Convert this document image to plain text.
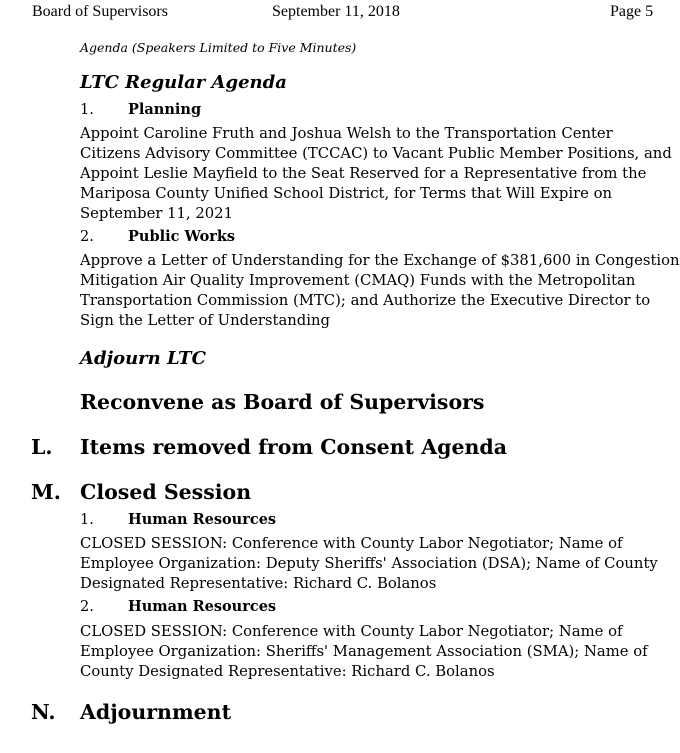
Board of Supervisors	September 11, 2018	Page 5
Agenda (Speakers Limited to Five Minutes)
LTC Regular Agenda
1. Planning
Appoint Caroline Fruth and Joshua Welsh to the Transportation Center
Citizens Advisory Committee (TCCAC) to Vacant Public Member Positions, and
Appoint Leslie Mayfield to the Seat Reserved for a Representative from the
Mariposa County Unified School District, for Terms that Will Expire on
September 11, 2021
2. Public Works
Approve a Letter of Understanding for the Exchange of $381,600 in Congestion
Mitigation Air Quality Improvement (CMAQ) Funds with the Metropolitan
Transportation Commission (MTC); and Authorize the Executive Director to
Sign the Letter of Understanding
Adjourn LTC
Reconvene as Board of Supervisors
L. Items removed from Consent Agenda
M. Closed Session
1. Human Resources
CLOSED SESSION: Conference with County Labor Negotiator; Name of
Employee Organization: Deputy Sheriffs' Association (DSA); Name of County
Designated Representative: Richard C. Bolanos
2. Human Resources
CLOSED SESSION: Conference with County Labor Negotiator; Name of
Employee Organization: Sheriffs' Management Association (SMA); Name of
County Designated Representative: Richard C. Bolanos
N. Adjournment
